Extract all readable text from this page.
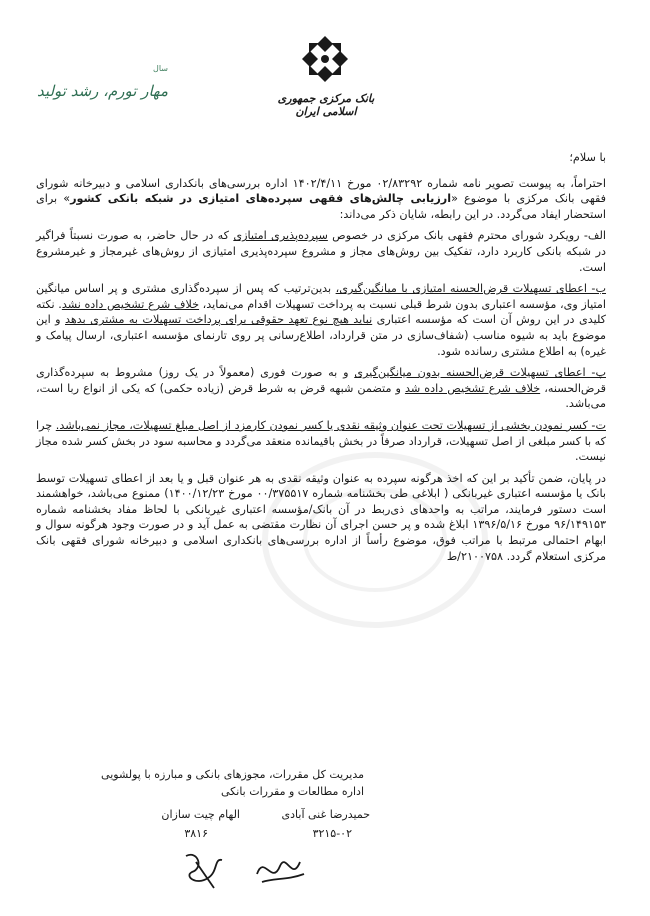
بانک مرکزی جمهوری اسلامی ایران
سال
مهار تورم، رشد تولید

با سلام؛

احتراماً، به پیوست تصویر نامه شماره ۰۲/۸۳۲۹۲ مورخ ۱۴۰۲/۴/۱۱ اداره بررسی‌های بانکداری اسلامی و دبیرخانه شورای فقهی بانک مرکزی با موضوع «ارزیابی چالش‌های فقهی سپرده‌های امتیازی در شبکه بانکی کشور» برای استحضار ایفاد می‌گردد. در این رابطه، شایان ذکر می‌داند:

الف- رویکرد شورای محترم فقهی بانک مرکزی در خصوص سپرده‌پذیری امتیازی که در حال حاضر، به صورت نسبتاً فراگیر در شبکه بانکی کاربرد دارد، تفکیک بین روش‌های مجاز و مشروع سپرده‌پذیری امتیازی از روش‌های غیرمجاز و غیرمشروع است.

ب- اعطای تسهیلات قرض‌الحسنه امتیازی با میانگین‌گیری، بدین‌ترتیب که پس از سپرده‌گذاری مشتری و پر اساس میانگین امتیاز وی، مؤسسه اعتباری بدون شرط قبلی نسبت به پرداخت تسهیلات اقدام می‌نماید، خلاف شرع تشخیص داده نشد. نکته کلیدی در این روش آن است که مؤسسه اعتباری نباید هیچ نوع تعهد حقوقی برای پرداخت تسهیلات به مشتری بدهد و این موضوع باید به شیوه مناسب (شفاف‌سازی در متن قرارداد، اطلاع‌رسانی پر روی تارنمای مؤسسه اعتباری، ارسال پیامک و غیره) به اطلاع مشتری رسانده شود.

پ- اعطای تسهیلات قرض‌الحسنه بدون میانگین‌گیری و به صورت فوری (معمولاً در یک روز) مشروط به سپرده‌گذاری قرض‌الحسنه، خلاف شرع تشخیص داده شد و متضمن شبهه قرض به شرط قرض (زیاده حکمی) که یکی از انواع ربا است، می‌باشد.

ت- کسر نمودن بخشی از تسهیلات تحت عنوان وثیقه نقدی یا کسر نمودن کارمزد از اصل مبلغ تسهیلات، مجاز نمی‌باشد. چرا که با کسر مبلغی از اصل تسهیلات، قرارداد صرفاً در بخش باقیمانده منعقد می‌گردد و محاسبه سود در بخش کسر شده مجاز نیست.

در پایان، ضمن تأکید بر این که اخذ هرگونه سپرده به عنوان وثیقه نقدی به هر عنوان قبل و یا بعد از اعطای تسهیلات توسط بانک یا مؤسسه اعتباری غیربانکی ( ابلاغی طی بخشنامه شماره ۰۰/۳۷۵۵۱۷ مورخ ۱۴۰۰/۱۲/۲۳) ممنوع می‌باشد، خواهشمند است دستور فرمایند، مراتب به واحدهای ذی‌ربط در آن بانک/مؤسسه اعتباری غیربانکی با لحاظ مفاد بخشنامه شماره ۹۶/۱۴۹۱۵۳ مورخ ۱۳۹۶/۵/۱۶ ابلاغ شده و پر حسن اجرای آن نظارت مقتضی به عمل آید و در صورت وجود هرگونه سوال و ابهام احتمالی مرتبط با مراتب فوق، موضوع رأساً از اداره بررسی‌های بانکداری اسلامی و دبیرخانه شورای فقهی بانک مرکزی استعلام گردد. ۲۱۰۰۷۵۸/ط

مدیریت کل مقررات، مجوزهای بانکی و مبارزه با پولشویی
اداره مطالعات و مقررات بانکی
حمیدرضا غنی آبادی
الهام چیت سازان
۳۲۱۵-۰۲
۳۸۱۶
